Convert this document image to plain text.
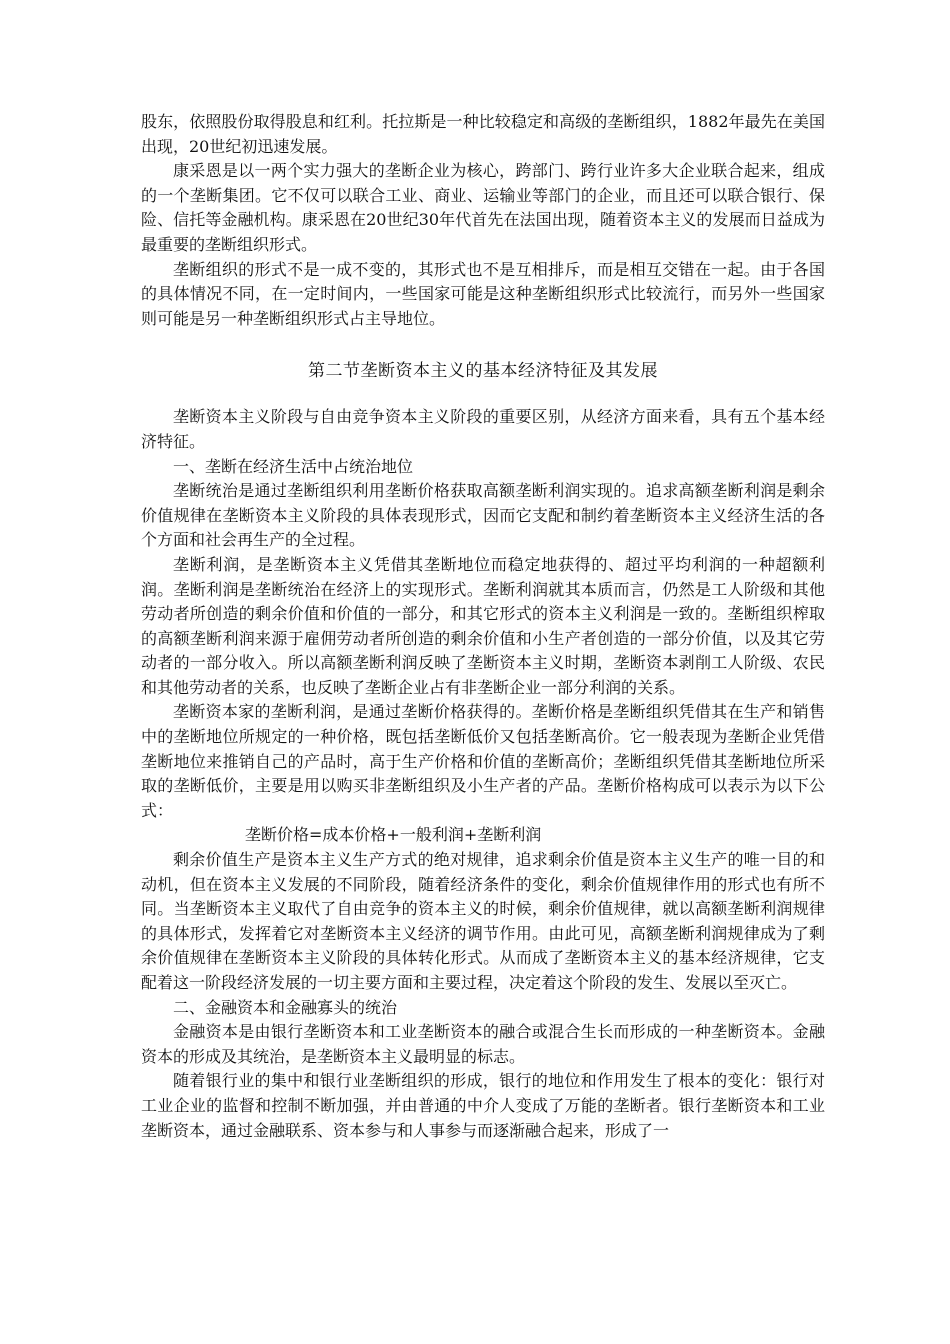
股东，依照股份取得股息和红利。托拉斯是一种比较稳定和高级的垄断组织，1882年最先在美国出现，20世纪初迅速发展。

康采恩是以一两个实力强大的垄断企业为核心，跨部门、跨行业许多大企业联合起来，组成的一个垄断集团。它不仅可以联合工业、商业、运输业等部门的企业，而且还可以联合银行、保险、信托等金融机构。康采恩在20世纪30年代首先在法国出现，随着资本主义的发展而日益成为最重要的垄断组织形式。

垄断组织的形式不是一成不变的，其形式也不是互相排斥，而是相互交错在一起。由于各国的具体情况不同，在一定时间内，一些国家可能是这种垄断组织形式比较流行，而另外一些国家则可能是另一种垄断组织形式占主导地位。

第二节垄断资本主义的基本经济特征及其发展

垄断资本主义阶段与自由竞争资本主义阶段的重要区别，从经济方面来看，具有五个基本经济特征。

一、垄断在经济生活中占统治地位

垄断统治是通过垄断组织利用垄断价格获取高额垄断利润实现的。追求高额垄断利润是剩余价值规律在垄断资本主义阶段的具体表现形式，因而它支配和制约着垄断资本主义经济生活的各个方面和社会再生产的全过程。

垄断利润，是垄断资本主义凭借其垄断地位而稳定地获得的、超过平均利润的一种超额利润。垄断利润是垄断统治在经济上的实现形式。垄断利润就其本质而言，仍然是工人阶级和其他劳动者所创造的剩余价值和价值的一部分，和其它形式的资本主义利润是一致的。垄断组织榨取的高额垄断利润来源于雇佣劳动者所创造的剩余价值和小生产者创造的一部分价值，以及其它劳动者的一部分收入。所以高额垄断利润反映了垄断资本主义时期，垄断资本剥削工人阶级、农民和其他劳动者的关系，也反映了垄断企业占有非垄断企业一部分利润的关系。

垄断资本家的垄断利润，是通过垄断价格获得的。垄断价格是垄断组织凭借其在生产和销售中的垄断地位所规定的一种价格，既包括垄断低价又包括垄断高价。它一般表现为垄断企业凭借垄断地位来推销自己的产品时，高于生产价格和价值的垄断高价；垄断组织凭借其垄断地位所采取的垄断低价，主要是用以购买非垄断组织及小生产者的产品。垄断价格构成可以表示为以下公式：

垄断价格=成本价格+一般利润+垄断利润

剩余价值生产是资本主义生产方式的绝对规律，追求剩余价值是资本主义生产的唯一目的和动机，但在资本主义发展的不同阶段，随着经济条件的变化，剩余价值规律作用的形式也有所不同。当垄断资本主义取代了自由竞争的资本主义的时候，剩余价值规律，就以高额垄断利润规律的具体形式，发挥着它对垄断资本主义经济的调节作用。由此可见，高额垄断利润规律成为了剩余价值规律在垄断资本主义阶段的具体转化形式。从而成了垄断资本主义的基本经济规律，它支配着这一阶段经济发展的一切主要方面和主要过程，决定着这个阶段的发生、发展以至灭亡。

二、金融资本和金融寡头的统治

金融资本是由银行垄断资本和工业垄断资本的融合或混合生长而形成的一种垄断资本。金融资本的形成及其统治，是垄断资本主义最明显的标志。

随着银行业的集中和银行业垄断组织的形成，银行的地位和作用发生了根本的变化：银行对工业企业的监督和控制不断加强，并由普通的中介人变成了万能的垄断者。银行垄断资本和工业垄断资本，通过金融联系、资本参与和人事参与而逐渐融合起来，形成了一
